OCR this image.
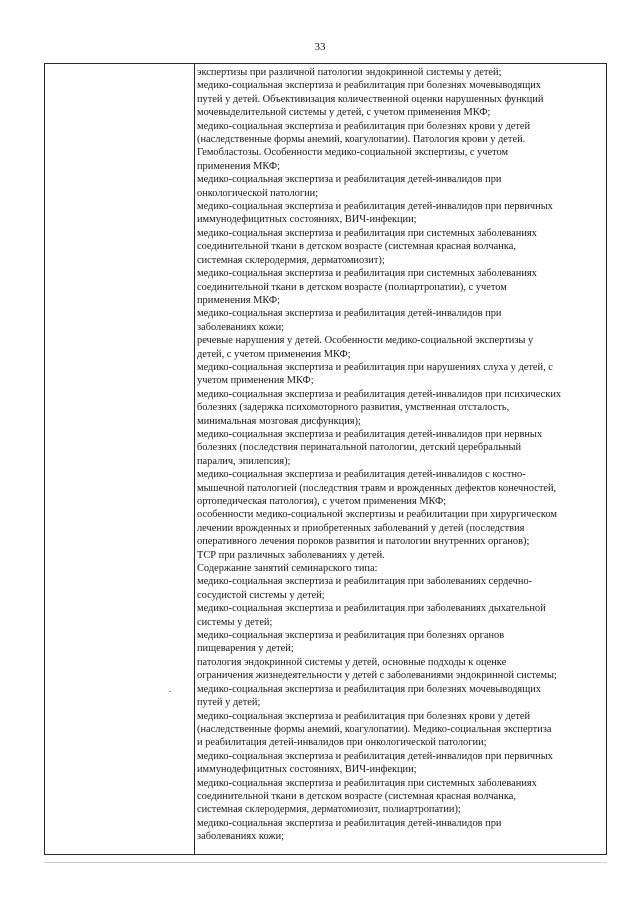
33
экспертизы при различной патологии эндокринной системы у детей;
медико-социальная экспертиза и реабилитация при болезнях мочевыводящих
путей у детей. Объективизация количественной оценки нарушенных функций
мочевыделительной системы у детей, с учетом применения МКФ;
медико-социальная экспертиза и реабилитация при болезнях крови у детей
(наследственные формы анемий, коагулопатии). Патология крови у детей.
Гемобластозы. Особенности медико-социальной экспертизы, с учетом
применения МКФ;
медико-социальная экспертиза и реабилитация детей-инвалидов при
онкологической патологии;
медико-социальная экспертиза и реабилитация детей-инвалидов при первичных
иммунодефицитных состояниях, ВИЧ-инфекции;
медико-социальная экспертиза и реабилитация при системных заболеваниях
соединительной ткани в детском возрасте (системная красная волчанка,
системная склеродермия, дерматомиозит);
медико-социальная экспертиза и реабилитация при системных заболеваниях
соединительной ткани в детском возрасте (полиартропатии), с учетом
применения МКФ;
медико-социальная экспертиза и реабилитация детей-инвалидов при
заболеваниях кожи;
речевые нарушения у детей. Особенности медико-социальной экспертизы у
детей, с учетом применения МКФ;
медико-социальная экспертиза и реабилитация при нарушениях слуха у детей, с
учетом применения МКФ;
медико-социальная экспертиза и реабилитация детей-инвалидов при психических
болезнях (задержка психомоторного развития, умственная отсталость,
минимальная мозговая дисфункция);
медико-социальная экспертиза и реабилитация детей-инвалидов при нервных
болезнях (последствия перинатальной патологии, детский церебральный
паралич, эпилепсия);
медико-социальная экспертиза и реабилитация детей-инвалидов с костно-
мышечной патологией (последствия травм и врожденных дефектов конечностей,
ортопедическая патология), с учетом применения МКФ;
особенности медико-социальной экспертизы и реабилитации при хирургическом
лечении врожденных и приобретенных заболеваний у детей (последствия
оперативного лечения пороков развития и патологии внутренних органов);
ТСР при различных заболеваниях у детей.
Содержание занятий семинарского типа:
медико-социальная экспертиза и реабилитация при заболеваниях сердечно-
сосудистой системы у детей;
медико-социальная экспертиза и реабилитация при заболеваниях дыхательной
системы у детей;
медико-социальная экспертиза и реабилитация при болезнях органов
пищеварения у детей;
патология эндокринной системы у детей, основные подходы к оценке
ограничения жизнедеятельности у детей с заболеваниями эндокринной системы;
медико-социальная экспертиза и реабилитация при болезнях мочевыводящих
путей у детей;
медико-социальная экспертиза и реабилитация при болезнях крови у детей
(наследственные формы анемий, коагулопатии). Медико-социальная экспертиза
и реабилитация детей-инвалидов при онкологической патологии;
медико-социальная экспертиза и реабилитация детей-инвалидов при первичных
иммунодефицитных состояниях, ВИЧ-инфекции;
медико-социальная экспертиза и реабилитация при системных заболеваниях
соединительной ткани в детском возрасте (системная красная волчанка,
системная склеродермия, дерматомиозит, полиартропатии);
медико-социальная экспертиза и реабилитация детей-инвалидов при
заболеваниях кожи;
